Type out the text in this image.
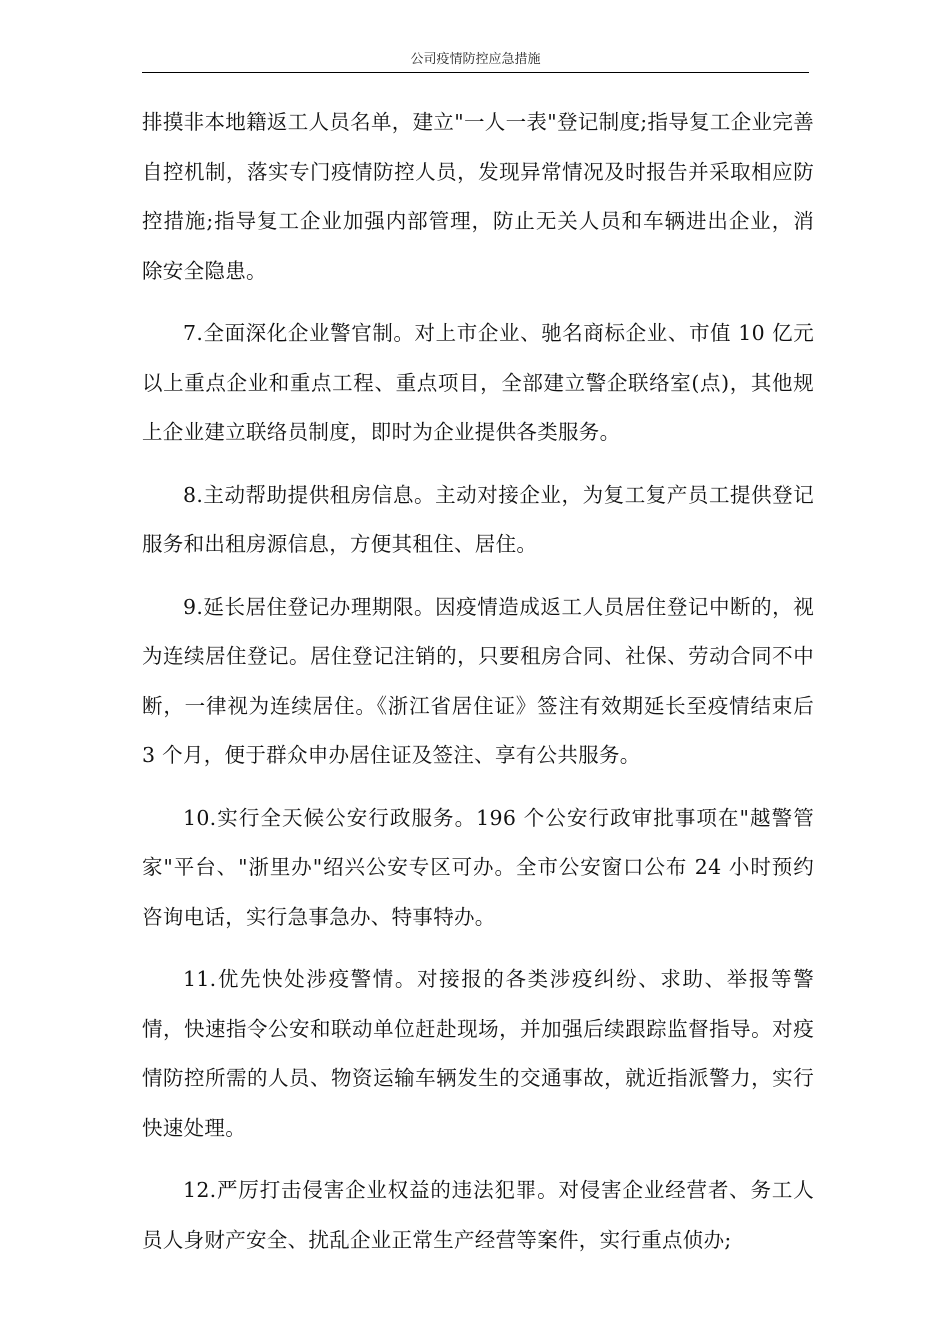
公司疫情防控应急措施

排摸非本地籍返工人员名单，建立"一人一表"登记制度;指导复工企业完善自控机制，落实专门疫情防控人员，发现异常情况及时报告并采取相应防控措施;指导复工企业加强内部管理，防止无关人员和车辆进出企业，消除安全隐患。

7.全面深化企业警官制。对上市企业、驰名商标企业、市值 10 亿元以上重点企业和重点工程、重点项目，全部建立警企联络室(点)，其他规上企业建立联络员制度，即时为企业提供各类服务。

8.主动帮助提供租房信息。主动对接企业，为复工复产员工提供登记服务和出租房源信息，方便其租住、居住。

9.延长居住登记办理期限。因疫情造成返工人员居住登记中断的，视为连续居住登记。居住登记注销的，只要租房合同、社保、劳动合同不中断，一律视为连续居住。《浙江省居住证》签注有效期延长至疫情结束后 3 个月，便于群众申办居住证及签注、享有公共服务。

10.实行全天候公安行政服务。196 个公安行政审批事项在"越警管家"平台、"浙里办"绍兴公安专区可办。全市公安窗口公布 24 小时预约咨询电话，实行急事急办、特事特办。

11.优先快处涉疫警情。对接报的各类涉疫纠纷、求助、举报等警情，快速指令公安和联动单位赶赴现场，并加强后续跟踪监督指导。对疫情防控所需的人员、物资运输车辆发生的交通事故，就近指派警力，实行快速处理。

12.严厉打击侵害企业权益的违法犯罪。对侵害企业经营者、务工人员人身财产安全、扰乱企业正常生产经营等案件，实行重点侦办;
